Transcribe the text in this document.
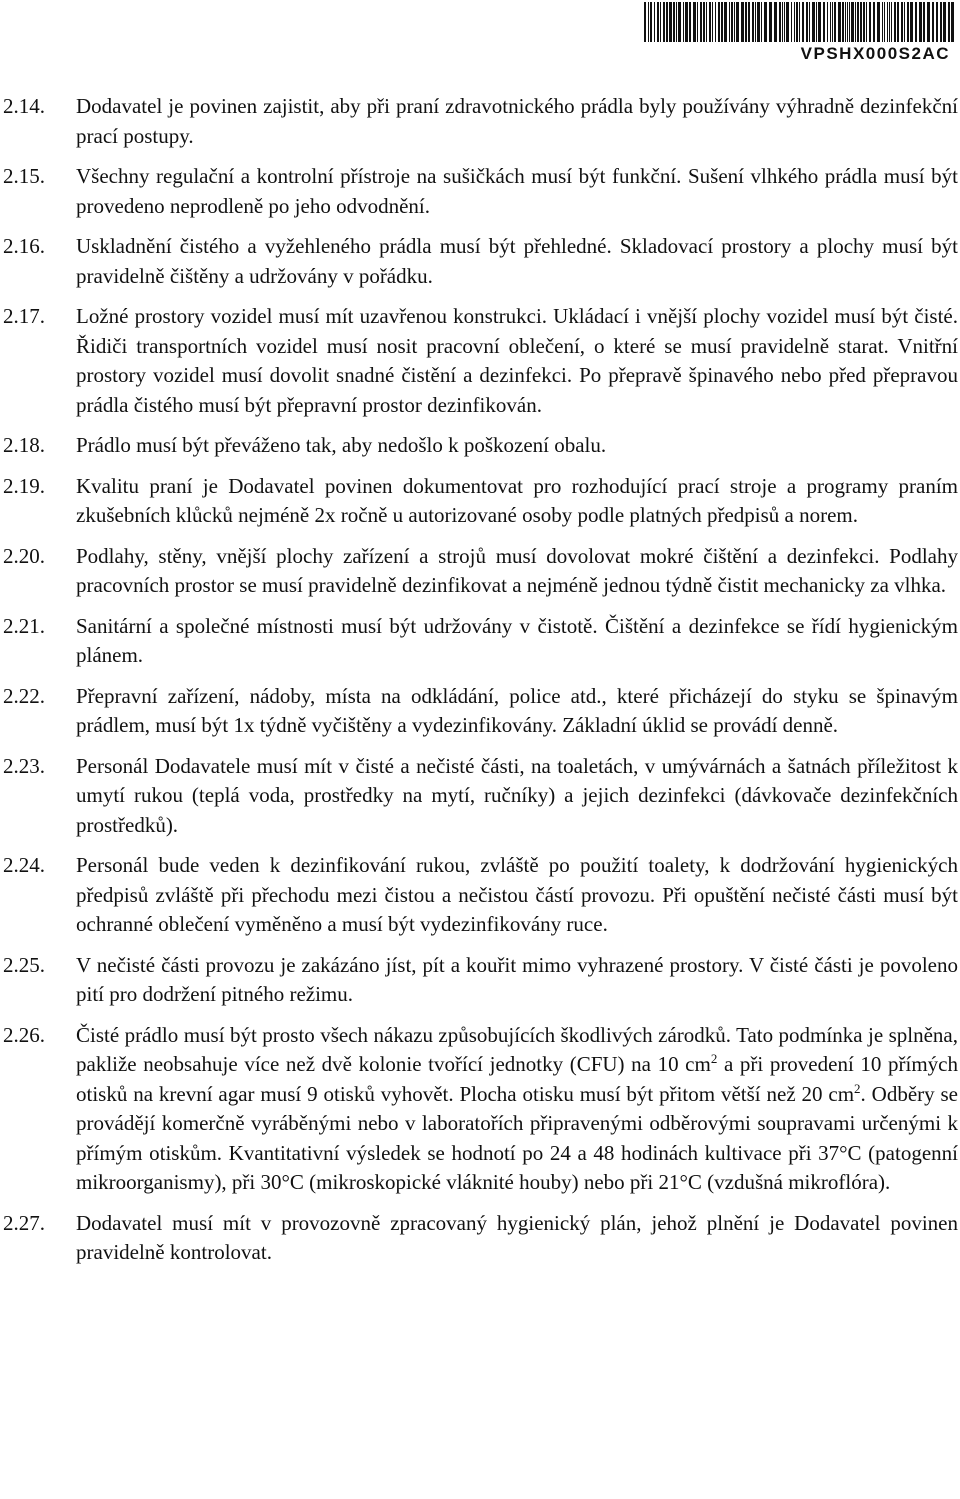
VPSHX000S2AC
2.14.	Dodavatel je povinen zajistit, aby při praní zdravotnického prádla byly používány výhradně dezinfekční prací postupy.
2.15.	Všechny regulační a kontrolní přístroje na sušičkách musí být funkční. Sušení vlhkého prádla musí být provedeno neprodleně po jeho odvodnění.
2.16.	Uskladnění čistého a vyžehleného prádla musí být přehledné. Skladovací prostory a plochy musí být pravidelně čištěny a udržovány v pořádku.
2.17.	Ložné prostory vozidel musí mít uzavřenou konstrukci. Ukládací i vnější plochy vozidel musí být čisté. Řidiči transportních vozidel musí nosit pracovní oblečení, o které se musí pravidelně starat. Vnitřní prostory vozidel musí dovolit snadné čistění a dezinfekci. Po přepravě špinavého nebo před přepravou prádla čistého musí být přepravní prostor dezinfikován.
2.18.	Prádlo musí být převáženo tak, aby nedošlo k poškození obalu.
2.19.	Kvalitu praní je Dodavatel povinen dokumentovat pro rozhodující prací stroje a programy praním zkušebních klůcků nejméně 2x ročně u autorizované osoby podle platných předpisů a norem.
2.20.	Podlahy, stěny, vnější plochy zařízení a strojů musí dovolovat mokré čištění a dezinfekci. Podlahy pracovních prostor se musí pravidelně dezinfikovat a nejméně jednou týdně čistit mechanicky za vlhka.
2.21.	Sanitární a společné místnosti musí být udržovány v čistotě. Čištění a dezinfekce se řídí hygienickým plánem.
2.22.	Přepravní zařízení, nádoby, místa na odkládání, police atd., které přicházejí do styku se špinavým prádlem, musí být 1x týdně vyčištěny a vydezinfikovány. Základní úklid se provádí denně.
2.23.	Personál Dodavatele musí mít v čisté a nečisté části, na toaletách, v umývárnách a šatnách příležitost k umytí rukou (teplá voda, prostředky na mytí, ručníky) a jejich dezinfekci (dávkovače dezinfekčních prostředků).
2.24.	Personál bude veden k dezinfikování rukou, zvláště po použití toalety, k dodržování hygienických předpisů zvláště při přechodu mezi čistou a nečistou částí provozu. Při opuštění nečisté části musí být ochranné oblečení vyměněno a musí být vydezinfikovány ruce.
2.25.	V nečisté části provozu je zakázáno jíst, pít a kouřit mimo vyhrazené prostory. V čisté části je povoleno pití pro dodržení pitného režimu.
2.26.	Čisté prádlo musí být prosto všech nákazu způsobujících škodlivých zárodků. Tato podmínka je splněna, pakliže neobsahuje více než dvě kolonie tvořící jednotky (CFU) na 10 $cm^2$ a při provedení 10 přímých otisků na krevní agar musí 9 otisků vyhovět. Plocha otisku musí být přitom větší než 20 $cm^2$. Odběry se provádějí komerčně vyráběnými nebo v laboratořích připravenými odběrovými soupravami určenými k přímým otiskům. Kvantitativní výsledek se hodnotí po 24 a 48 hodinách kultivace při 37°C (patogenní mikroorganismy), při 30°C (mikroskopické vláknité houby) nebo při 21°C (vzdušná mikroflóra).
2.27.	Dodavatel musí mít v provozovně zpracovaný hygienický plán, jehož plnění je Dodavatel povinen pravidelně kontrolovat.
